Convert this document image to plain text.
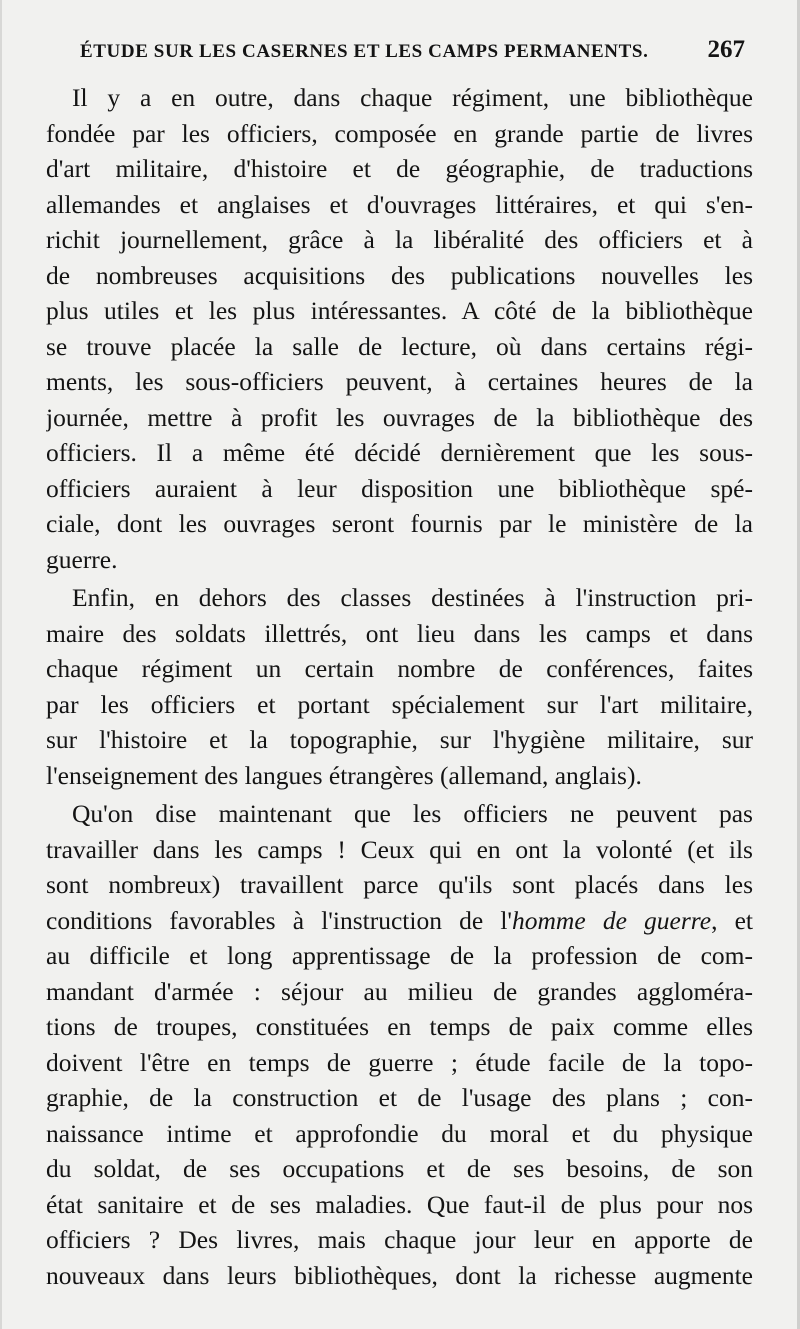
ÉTUDE SUR LES CASERNES ET LES CAMPS PERMANENTS. 267
Il y a en outre, dans chaque régiment, une bibliothèque
fondée par les officiers, composée en grande partie de livres
d'art militaire, d'histoire et de géographie, de traductions
allemandes et anglaises et d'ouvrages littéraires, et qui s'en-
richit journellement, grâce à la libéralité des officiers et à
de nombreuses acquisitions des publications nouvelles les
plus utiles et les plus intéressantes. A côté de la bibliothèque
se trouve placée la salle de lecture, où dans certains régi-
ments, les sous-officiers peuvent, à certaines heures de la
journée, mettre à profit les ouvrages de la bibliothèque des
officiers. Il a même été décidé dernièrement que les sous-
officiers auraient à leur disposition une bibliothèque spé-
ciale, dont les ouvrages seront fournis par le ministère de la
guerre.
Enfin, en dehors des classes destinées à l'instruction pri-
maire des soldats illettrés, ont lieu dans les camps et dans
chaque régiment un certain nombre de conférences, faites
par les officiers et portant spécialement sur l'art militaire,
sur l'histoire et la topographie, sur l'hygiène militaire, sur
l'enseignement des langues étrangères (allemand, anglais).
Qu'on dise maintenant que les officiers ne peuvent pas
travailler dans les camps ! Ceux qui en ont la volonté (et ils
sont nombreux) travaillent parce qu'ils sont placés dans les
conditions favorables à l'instruction de l'homme de guerre, et
au difficile et long apprentissage de la profession de com-
mandant d'armée : séjour au milieu de grandes aggloméra-
tions de troupes, constituées en temps de paix comme elles
doivent l'être en temps de guerre ; étude facile de la topo-
graphie, de la construction et de l'usage des plans ; con-
naissance intime et approfondie du moral et du physique
du soldat, de ses occupations et de ses besoins, de son
état sanitaire et de ses maladies. Que faut-il de plus pour nos
officiers ? Des livres, mais chaque jour leur en apporte de
nouveaux dans leurs bibliothèques, dont la richesse augmente
